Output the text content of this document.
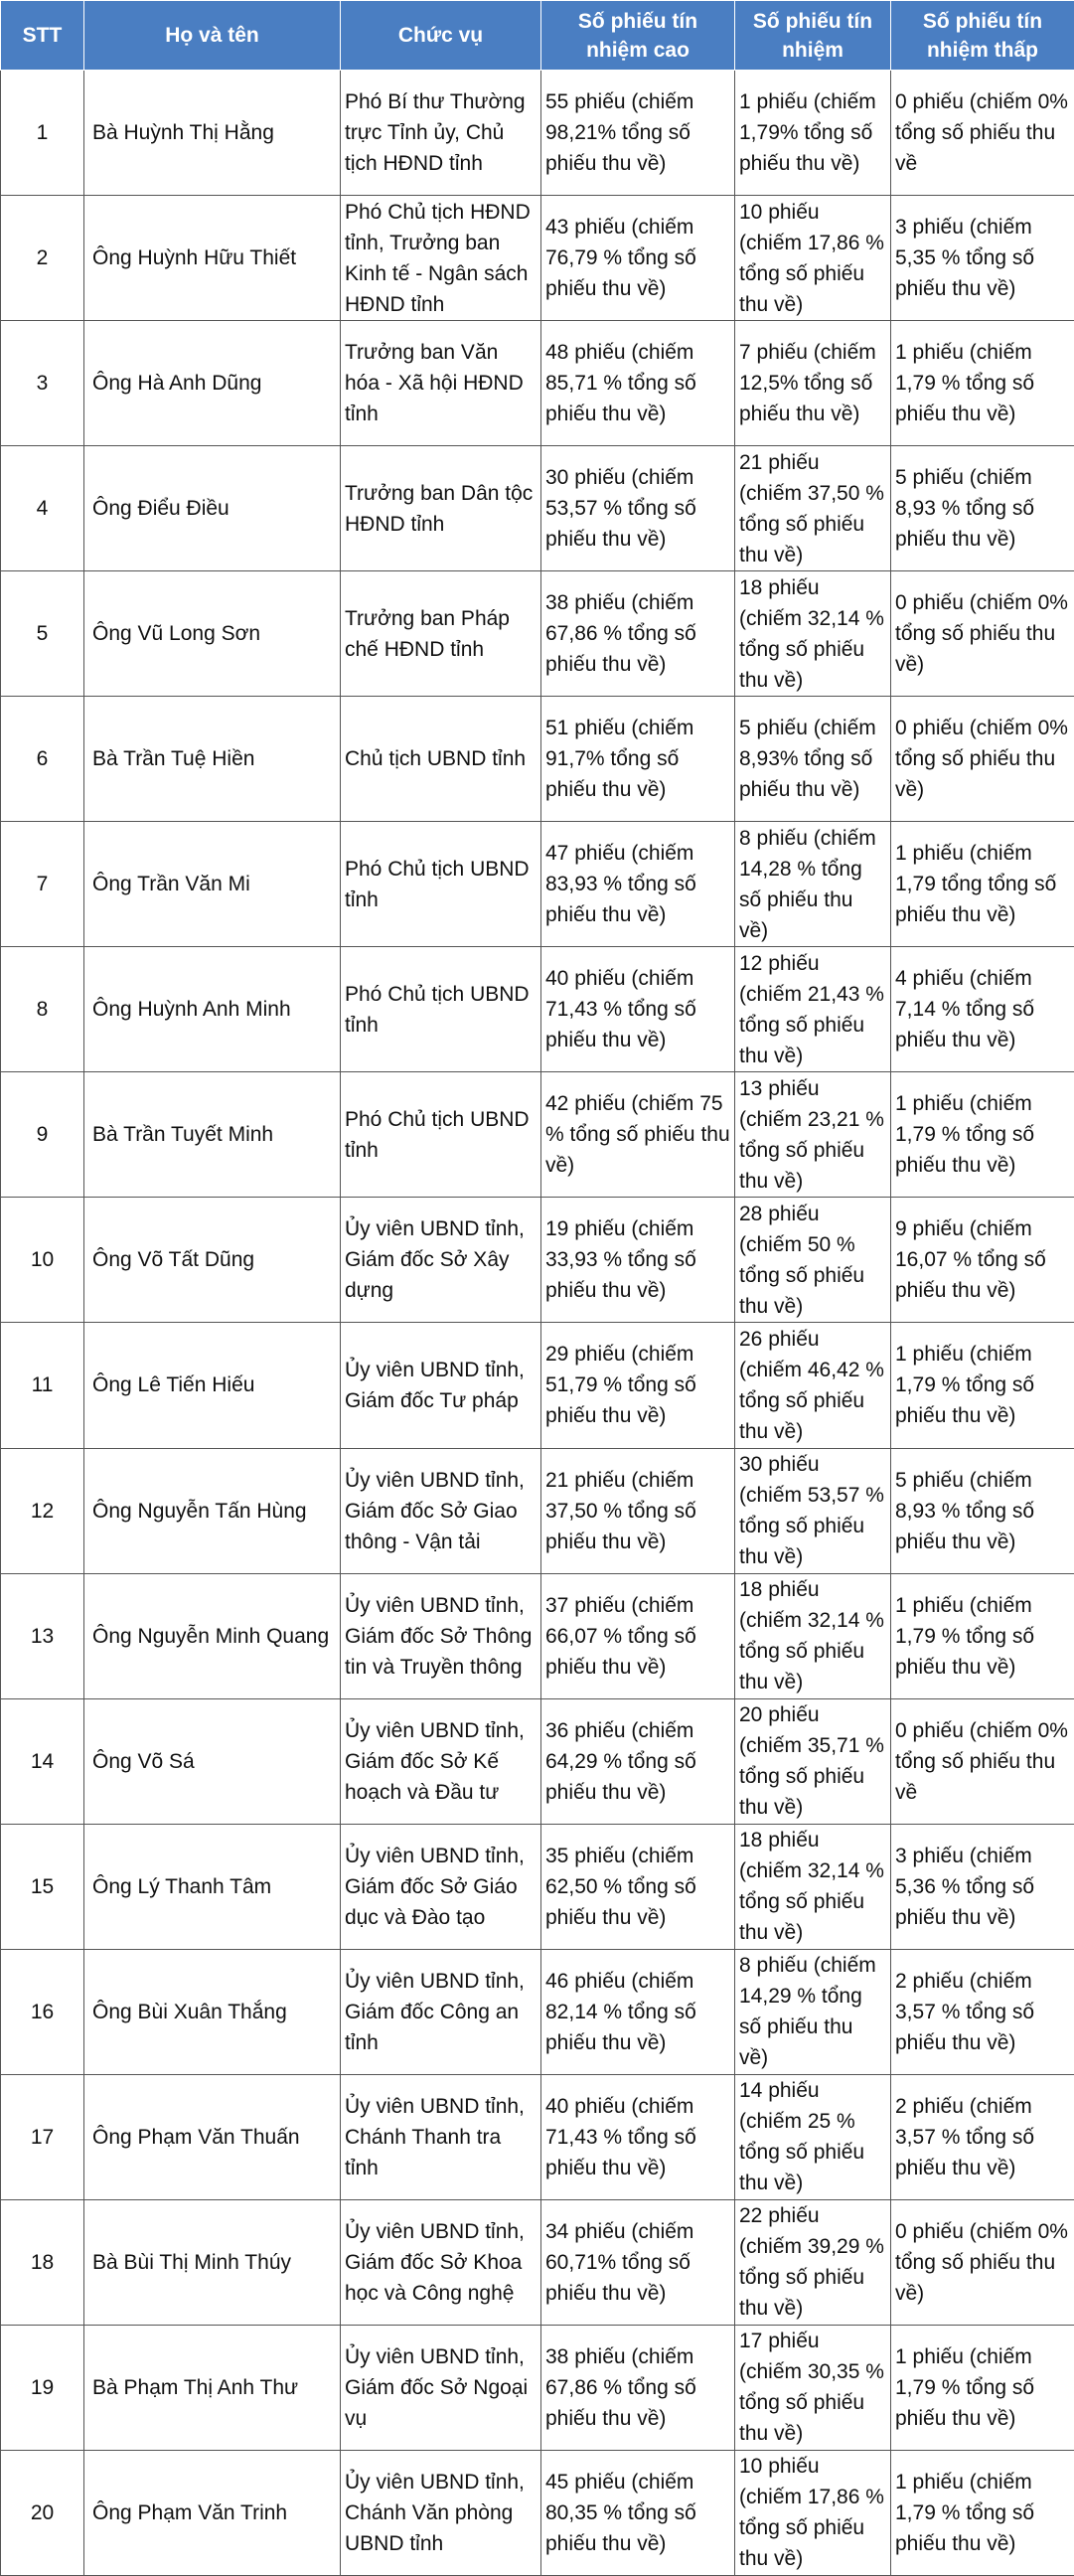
STT	Họ và tên	Chức vụ	Số phiếu tín nhiệm cao	Số phiếu tín nhiệm	Số phiếu tín nhiệm thấp
1	Bà Huỳnh Thị Hằng	Phó Bí thư Thường trực Tỉnh ủy, Chủ tịch HĐND tỉnh	55 phiếu (chiếm 98,21% tổng số phiếu thu về)	1 phiếu (chiếm 1,79% tổng số phiếu thu về)	0 phiếu (chiếm 0% tổng số phiếu thu về
2	Ông Huỳnh Hữu Thiết	Phó Chủ tịch HĐND tỉnh, Trưởng ban Kinh tế - Ngân sách HĐND tỉnh	43 phiếu (chiếm 76,79 % tổng số phiếu thu về)	10 phiếu (chiếm 17,86 % tổng số phiếu thu về)	3 phiếu (chiếm 5,35 % tổng số phiếu thu về)
3	Ông Hà Anh Dũng	Trưởng ban Văn hóa - Xã hội HĐND tỉnh	48 phiếu (chiếm 85,71 % tổng số phiếu thu về)	7 phiếu (chiếm 12,5% tổng số phiếu thu về)	1 phiếu (chiếm 1,79 % tổng số phiếu thu về)
4	Ông Điểu Điều	Trưởng ban Dân tộc HĐND tỉnh	30 phiếu (chiếm 53,57 % tổng số phiếu thu về)	21 phiếu (chiếm 37,50 % tổng số phiếu thu về)	5 phiếu (chiếm 8,93 % tổng số phiếu thu về)
5	Ông Vũ Long Sơn	Trưởng ban Pháp chế HĐND tỉnh	38 phiếu (chiếm 67,86 % tổng số phiếu thu về)	18 phiếu (chiếm 32,14 % tổng số phiếu thu về)	0 phiếu (chiếm 0% tổng số phiếu thu về)
6	Bà Trần Tuệ Hiền	Chủ tịch UBND tỉnh	51 phiếu (chiếm 91,7% tổng số phiếu thu về)	5 phiếu (chiếm 8,93% tổng số phiếu thu về)	0 phiếu (chiếm 0% tổng số phiếu thu về)
7	Ông Trần Văn Mi	Phó Chủ tịch UBND tỉnh	47 phiếu (chiếm 83,93 % tổng số phiếu thu về)	8 phiếu (chiếm 14,28 % tổng số phiếu thu về)	1 phiếu (chiếm 1,79 tổng tổng số phiếu thu về)
8	Ông Huỳnh Anh Minh	Phó Chủ tịch UBND tỉnh	40 phiếu (chiếm 71,43 % tổng số phiếu thu về)	12 phiếu (chiếm 21,43 % tổng số phiếu thu về)	4 phiếu (chiếm 7,14 % tổng số phiếu thu về)
9	Bà Trần Tuyết Minh	Phó Chủ tịch UBND tỉnh	42 phiếu (chiếm 75 % tổng số phiếu thu về)	13 phiếu (chiếm 23,21 % tổng số phiếu thu về)	1 phiếu (chiếm 1,79 % tổng số phiếu thu về)
10	Ông Võ Tất Dũng	Ủy viên UBND tỉnh, Giám đốc Sở Xây dựng	19 phiếu (chiếm 33,93 % tổng số phiếu thu về)	28 phiếu (chiếm 50 % tổng số phiếu thu về)	9 phiếu (chiếm 16,07 % tổng số phiếu thu về)
11	Ông Lê Tiến Hiếu	Ủy viên UBND tỉnh, Giám đốc Tư pháp	29 phiếu (chiếm 51,79 % tổng số phiếu thu về)	26 phiếu (chiếm 46,42 % tổng số phiếu thu về)	1 phiếu (chiếm 1,79 % tổng số phiếu thu về)
12	Ông Nguyễn Tấn Hùng	Ủy viên UBND tỉnh, Giám đốc Sở Giao thông - Vận tải	21 phiếu (chiếm 37,50 % tổng số phiếu thu về)	30 phiếu (chiếm 53,57 % tổng số phiếu thu về)	5 phiếu (chiếm 8,93 % tổng số phiếu thu về)
13	Ông Nguyễn Minh Quang	Ủy viên UBND tỉnh, Giám đốc Sở Thông tin và Truyền thông	37 phiếu (chiếm 66,07 % tổng số phiếu thu về)	18 phiếu (chiếm 32,14 % tổng số phiếu thu về)	1 phiếu (chiếm 1,79 % tổng số phiếu thu về)
14	Ông Võ Sá	Ủy viên UBND tỉnh, Giám đốc Sở Kế hoạch và Đầu tư	36 phiếu (chiếm 64,29 % tổng số phiếu thu về)	20 phiếu (chiếm 35,71 % tổng số phiếu thu về)	0 phiếu (chiếm 0% tổng số phiếu thu về
15	Ông Lý Thanh Tâm	Ủy viên UBND tỉnh, Giám đốc Sở Giáo dục và Đào tạo	35 phiếu (chiếm 62,50 % tổng số phiếu thu về)	18 phiếu (chiếm 32,14 % tổng số phiếu thu về)	3 phiếu (chiếm 5,36 % tổng số phiếu thu về)
16	Ông Bùi Xuân Thắng	Ủy viên UBND tỉnh, Giám đốc Công an tỉnh	46 phiếu (chiếm 82,14 % tổng số phiếu thu về)	8 phiếu (chiếm 14,29 % tổng số phiếu thu về)	2 phiếu (chiếm 3,57 % tổng số phiếu thu về)
17	Ông Phạm Văn Thuấn	Ủy viên UBND tỉnh, Chánh Thanh tra tỉnh	40 phiếu (chiếm 71,43 % tổng số phiếu thu về)	14 phiếu (chiếm 25 % tổng số phiếu thu về)	2 phiếu (chiếm 3,57 % tổng số phiếu thu về)
18	Bà Bùi Thị Minh Thúy	Ủy viên UBND tỉnh, Giám đốc Sở Khoa học và Công nghệ	34 phiếu (chiếm 60,71% tổng số phiếu thu về)	22 phiếu (chiếm 39,29 % tổng số phiếu thu về)	0 phiếu (chiếm 0% tổng số phiếu thu về)
19	Bà Phạm Thị Anh Thư	Ủy viên UBND tỉnh, Giám đốc Sở Ngoại vụ	38 phiếu (chiếm 67,86 % tổng số phiếu thu về)	17 phiếu (chiếm 30,35 % tổng số phiếu thu về)	1 phiếu (chiếm 1,79 % tổng số phiếu thu về)
20	Ông Phạm Văn Trinh	Ủy viên UBND tỉnh, Chánh Văn phòng UBND tỉnh	45 phiếu (chiếm 80,35 % tổng số phiếu thu về)	10 phiếu (chiếm 17,86 % tổng số phiếu thu về)	1 phiếu (chiếm 1,79 % tổng số phiếu thu về)
